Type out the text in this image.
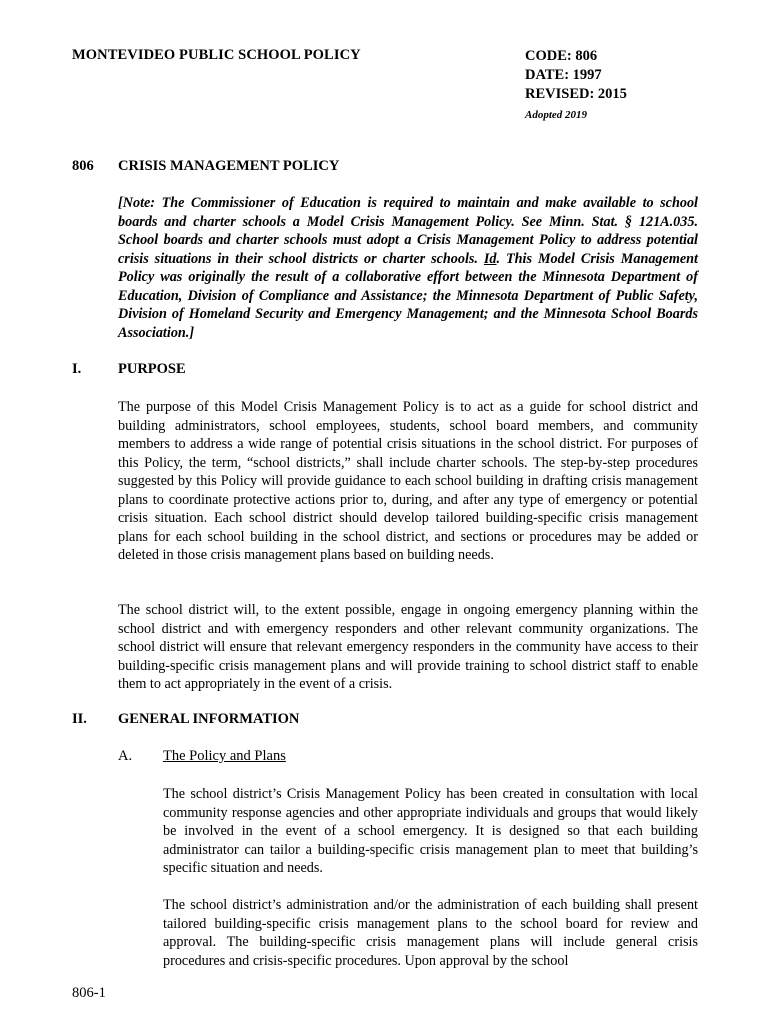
MONTEVIDEO PUBLIC SCHOOL POLICY	CODE: 806
DATE: 1997
REVISED: 2015
Adopted 2019
806 CRISIS MANAGEMENT POLICY
[Note: The Commissioner of Education is required to maintain and make available to school boards and charter schools a Model Crisis Management Policy. See Minn. Stat. § 121A.035. School boards and charter schools must adopt a Crisis Management Policy to address potential crisis situations in their school districts or charter schools. Id. This Model Crisis Management Policy was originally the result of a collaborative effort between the Minnesota Department of Education, Division of Compliance and Assistance; the Minnesota Department of Public Safety, Division of Homeland Security and Emergency Management; and the Minnesota School Boards Association.]
I.	PURPOSE
The purpose of this Model Crisis Management Policy is to act as a guide for school district and building administrators, school employees, students, school board members, and community members to address a wide range of potential crisis situations in the school district. For purposes of this Policy, the term, “school districts,” shall include charter schools. The step-by-step procedures suggested by this Policy will provide guidance to each school building in drafting crisis management plans to coordinate protective actions prior to, during, and after any type of emergency or potential crisis situation. Each school district should develop tailored building-specific crisis management plans for each school building in the school district, and sections or procedures may be added or deleted in those crisis management plans based on building needs.
The school district will, to the extent possible, engage in ongoing emergency planning within the school district and with emergency responders and other relevant community organizations. The school district will ensure that relevant emergency responders in the community have access to their building-specific crisis management plans and will provide training to school district staff to enable them to act appropriately in the event of a crisis.
II. GENERAL INFORMATION
A. The Policy and Plans
The school district’s Crisis Management Policy has been created in consultation with local community response agencies and other appropriate individuals and groups that would likely be involved in the event of a school emergency. It is designed so that each building administrator can tailor a building-specific crisis management plan to meet that building’s specific situation and needs.
The school district’s administration and/or the administration of each building shall present tailored building-specific crisis management plans to the school board for review and approval. The building-specific crisis management plans will include general crisis procedures and crisis-specific procedures. Upon approval by the school
806-1
